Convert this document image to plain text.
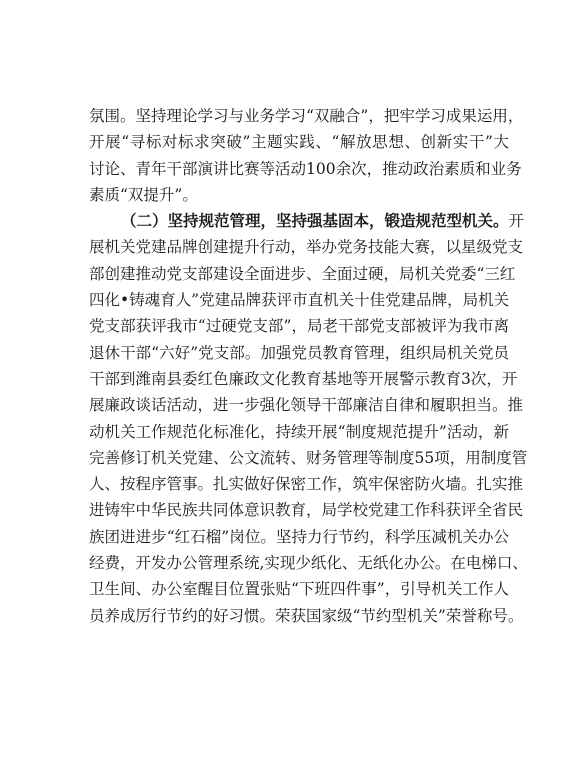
氛围。坚持理论学习与业务学习“双融合”，把牢学习成果运用，
开展“寻标对标求突破”主题实践、“解放思想、创新实干”大
讨论、青年干部演讲比赛等活动100余次，推动政治素质和业务
素质“双提升”。
（二）坚持规范管理，坚持强基固本，锻造规范型机关。开
展机关党建品牌创建提升行动，举办党务技能大赛，以星级党支
部创建推动党支部建设全面进步、全面过硬，局机关党委“三红
四化•铸魂育人”党建品牌获评市直机关十佳党建品牌，局机关
党支部获评我市“过硬党支部”，局老干部党支部被评为我市离
退休干部“六好”党支部。加强党员教育管理，组织局机关党员
干部到潍南县委红色廉政文化教育基地等开展警示教育3次，开
展廉政谈话活动，进一步强化领导干部廉洁自律和履职担当。推
动机关工作规范化标准化，持续开展“制度规范提升”活动，新
完善修订机关党建、公文流转、财务管理等制度55项，用制度管
人、按程序管事。扎实做好保密工作，筑牢保密防火墙。扎实推
进铸牢中华民族共同体意识教育，局学校党建工作科获评全省民
族团进进步“红石榴”岗位。坚持力行节约，科学压减机关办公
经费，开发办公管理系统,实现少纸化、无纸化办公。在电梯口、
卫生间、办公室醒目位置张贴“下班四件事”，引导机关工作人
员养成厉行节约的好习惯。荣获国家级“节约型机关”荣誉称号。
